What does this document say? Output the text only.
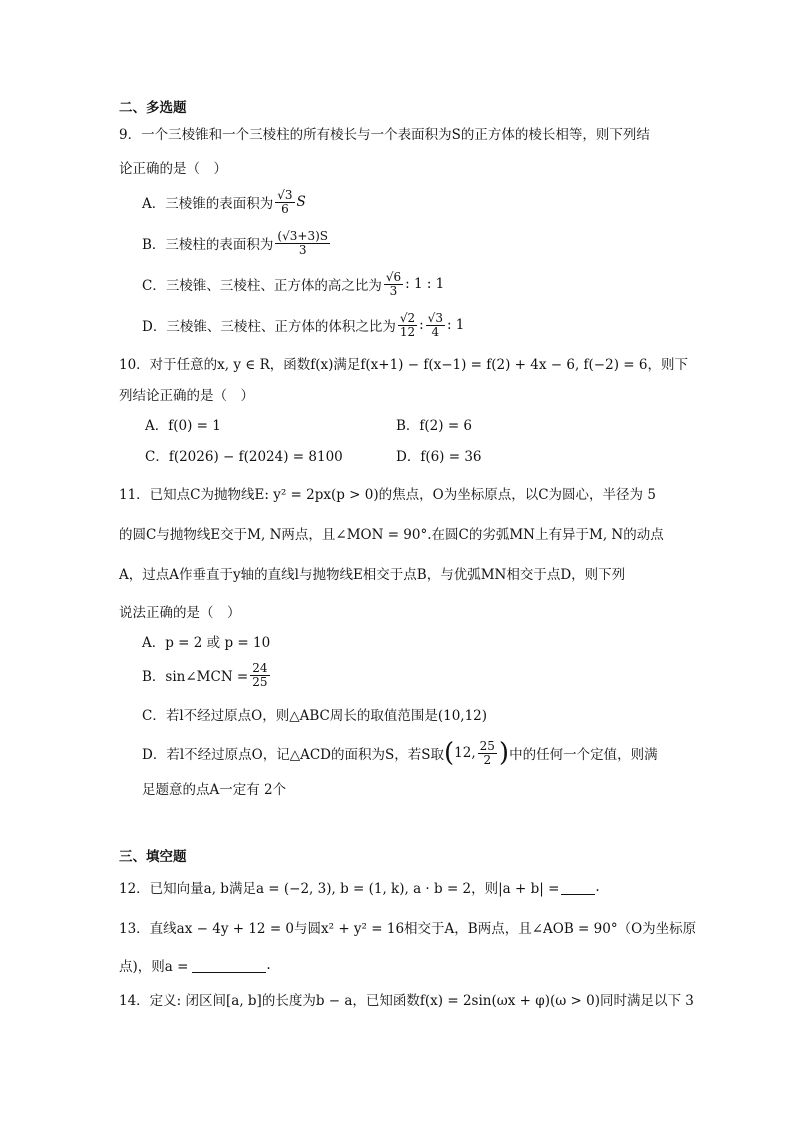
二、多选题
9．一个三棱锥和一个三棱柱的所有棱长与一个表面积为S的正方体的棱长相等，则下列结
论正确的是（　）
A．三棱锥的表面积为 $\frac{√3}{6}$ S
B．三棱柱的表面积为 $\frac{(√3+3)S}{3}$
C．三棱锥、三棱柱、正方体的高之比为 $\frac{√6}{3}$ : 1 : 1
D．三棱锥、三棱柱、正方体的体积之比为 $\frac{√2}{12}$ : $\frac{√3}{4}$ : 1
10．对于任意的x, y ∈ R，函数f(x)满足f(x+1) − f(x−1) = f(2) + 4x − 6, f(−2) = 6，则下
列结论正确的是（　）
A．f(0) = 1	B．f(2) = 6
C．f(2026) − f(2024) = 8100	D．f(6) = 36
11．已知点C为抛物线E: y² = 2px(p > 0)的焦点，O为坐标原点，以C为圆心，半径为 5
的圆C与抛物线E交于M, N两点，且∠MON = 90°.在圆C的劣弧MN上有异于M, N的动点
A，过点A作垂直于y轴的直线l与抛物线E相交于点B，与优弧MN相交于点D，则下列
说法正确的是（　）
A．p = 2 或 p = 10
B．sin∠MCN = $\frac{24}{25}$
C．若l不经过原点O，则△ABC周长的取值范围是(10,12)
D．若l不经过原点O，记△ACD的面积为S，若S取 ( 12, $\frac{25}{2}$ ) 中的任何一个定值，则满
足题意的点A一定有 2个
三、填空题
12．已知向量a, b满足a = (−2, 3), b = (1, k), a · b = 2，则|a + b| =	.
13．直线ax − 4y + 12 = 0与圆x² + y² = 16相交于A，B两点，且∠AOB = 90°（O为坐标原
点)，则a =	.
14．定义: 闭区间[a, b]的长度为b − a，已知函数f(x) = 2sin(ωx + φ)(ω > 0)同时满足以下 3
